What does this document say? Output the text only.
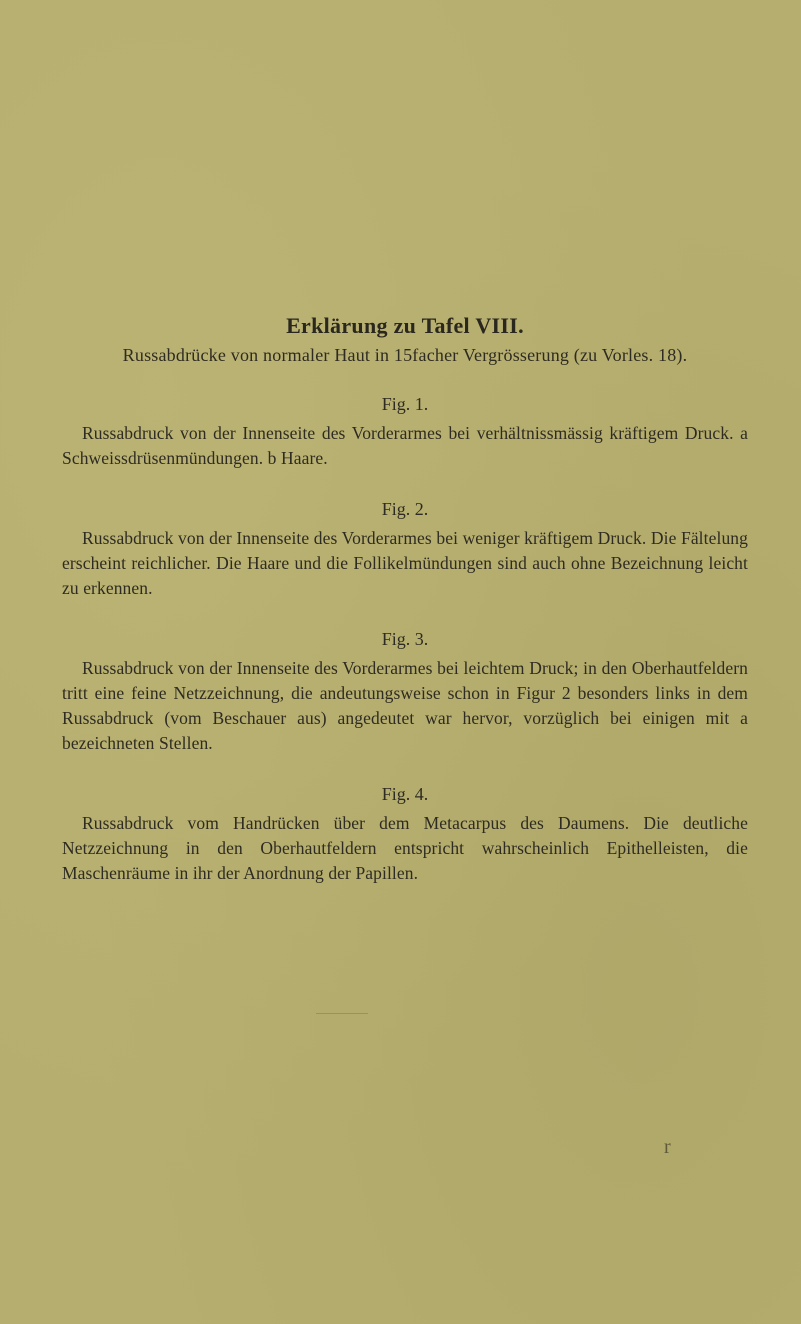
Erklärung zu Tafel VIII.

Russabdrücke von normaler Haut in 15facher Vergrösserung (zu Vorles. 18).

Fig. 1.

Russabdruck von der Innenseite des Vorderarmes bei verhältnissmässig kräftigem Druck. a Schweissdrüsenmündungen. b Haare.

Fig. 2.

Russabdruck von der Innenseite des Vorderarmes bei weniger kräftigem Druck. Die Fältelung erscheint reichlicher. Die Haare und die Follikelmündungen sind auch ohne Bezeichnung leicht zu erkennen.

Fig. 3.

Russabdruck von der Innenseite des Vorderarmes bei leichtem Druck; in den Oberhautfeldern tritt eine feine Netzzeichnung, die andeutungsweise schon in Figur 2 besonders links in dem Russabdruck (vom Beschauer aus) angedeutet war hervor, vorzüglich bei einigen mit a bezeichneten Stellen.

Fig. 4.

Russabdruck vom Handrücken über dem Metacarpus des Daumens. Die deutliche Netzzeichnung in den Oberhautfeldern entspricht wahrscheinlich Epithelleisten, die Maschenräume in ihr der Anordnung der Papillen.

r
